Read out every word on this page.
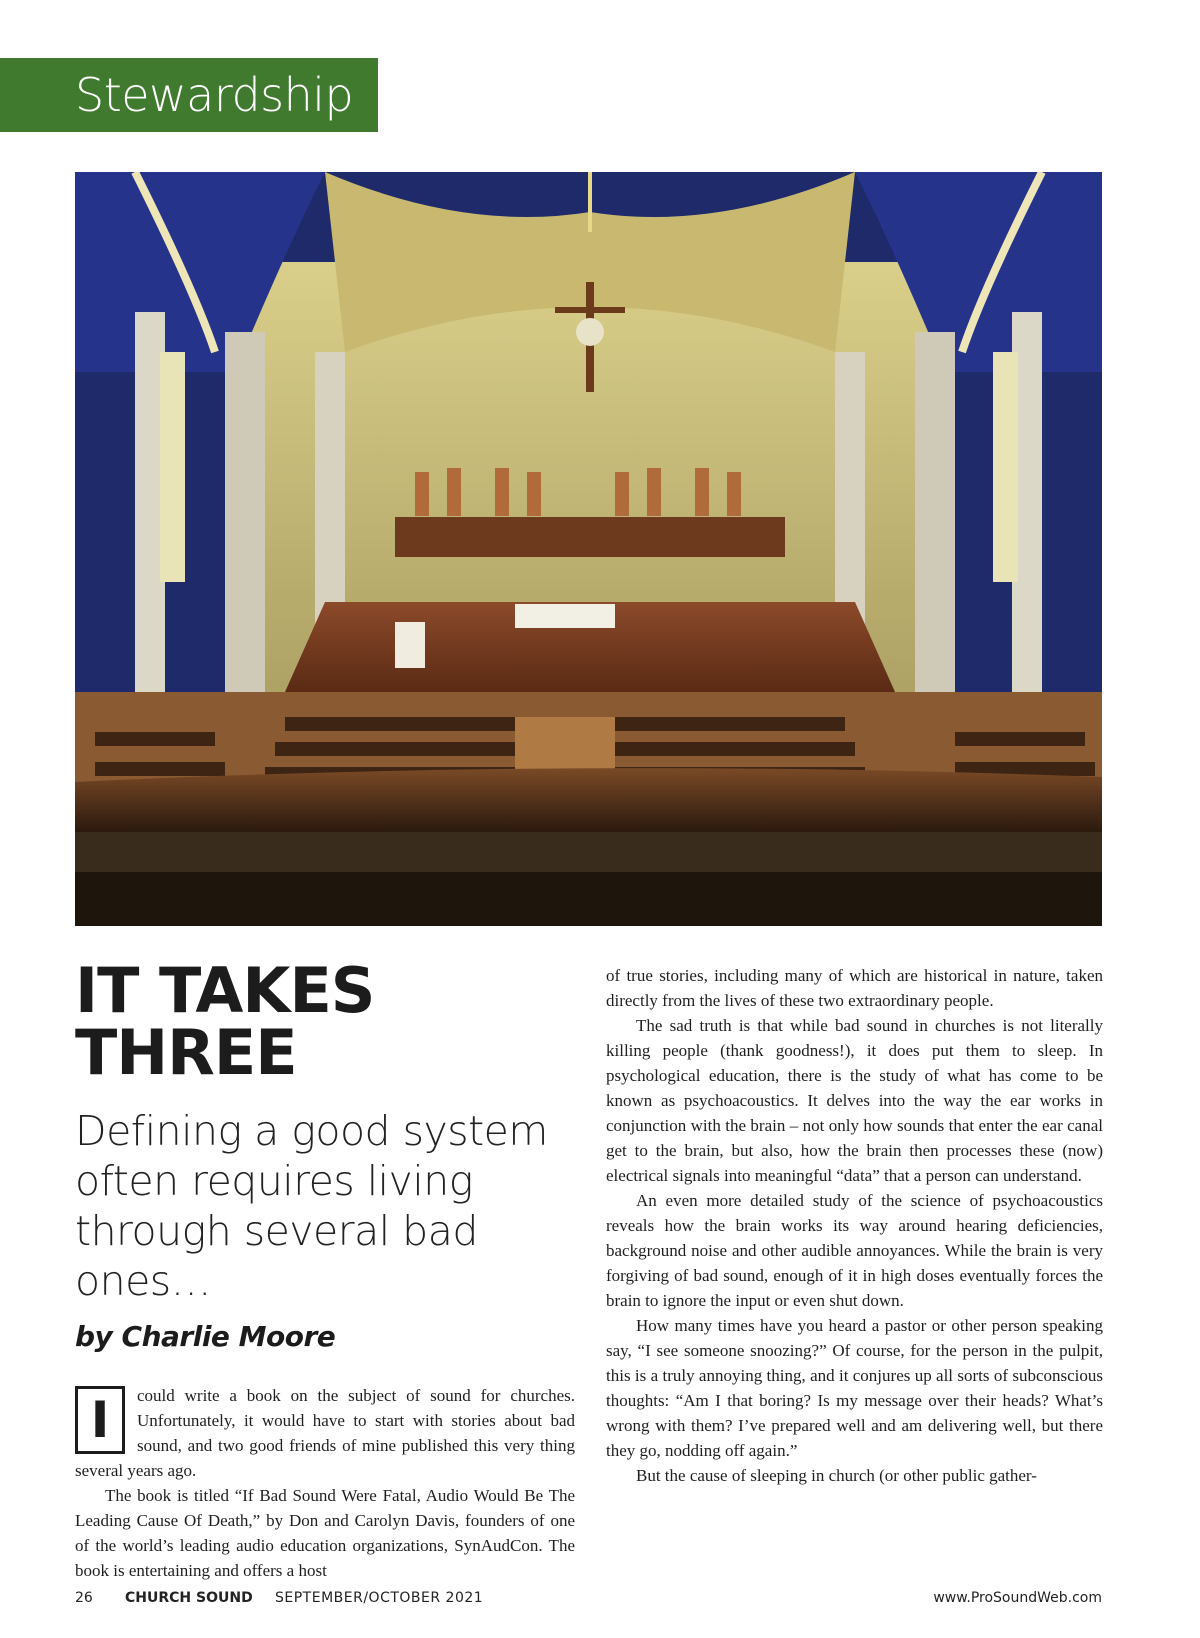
Stewardship
IT TAKES THREE
Defining a good system often requires living through several bad ones…
by Charlie Moore
I	could write a book on the subject of sound for churches. Unfortunately, it would have to start with stories about bad sound, and two good friends of mine published this very thing several years ago.

The book is titled “If Bad Sound Were Fatal, Audio Would Be The Leading Cause Of Death,” by Don and Carolyn Davis, founders of one of the world’s leading audio education organizations, SynAudCon. The book is entertaining and offers a host

of true stories, including many of which are historical in nature, taken directly from the lives of these two extraordinary people.

The sad truth is that while bad sound in churches is not literally killing people (thank goodness!), it does put them to sleep. In psychological education, there is the study of what has come to be known as psychoacoustics. It delves into the way the ear works in conjunction with the brain – not only how sounds that enter the ear canal get to the brain, but also, how the brain then processes these (now) electrical signals into meaningful “data” that a person can understand.

An even more detailed study of the science of psychoacoustics reveals how the brain works its way around hearing deficiencies, background noise and other audible annoyances. While the brain is very forgiving of bad sound, enough of it in high doses eventually forces the brain to ignore the input or even shut down.

How many times have you heard a pastor or other person speaking say, “I see someone snoozing?” Of course, for the person in the pulpit, this is a truly annoying thing, and it conjures up all sorts of subconscious thoughts: “Am I that boring? Is my message over their heads? What’s wrong with them? I’ve prepared well and am delivering well, but there they go, nodding off again.”

But the cause of sleeping in church (or other public gather-

26 CHURCH SOUND SEPTEMBER/OCTOBER 2021	www.ProSoundWeb.com
